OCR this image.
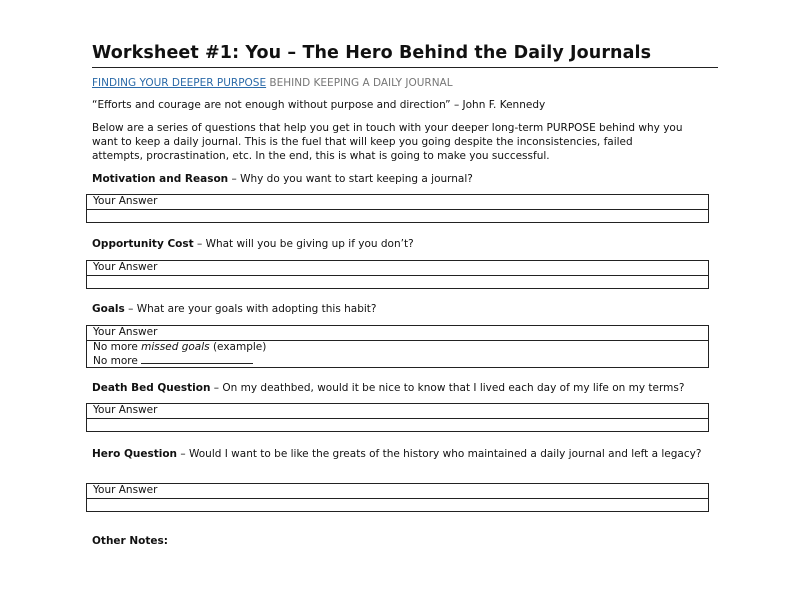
Worksheet #1: You – The Hero Behind the Daily Journals
FINDING YOUR DEEPER PURPOSE BEHIND KEEPING A DAILY JOURNAL
“Efforts and courage are not enough without purpose and direction” – John F. Kennedy
Below are a series of questions that help you get in touch with your deeper long-term PURPOSE behind why you
want to keep a daily journal. This is the fuel that will keep you going despite the inconsistencies, failed
attempts, procrastination, etc. In the end, this is what is going to make you successful.
Motivation and Reason – Why do you want to start keeping a journal?
Your Answer
Opportunity Cost – What will you be giving up if you don’t?
Your Answer
Goals – What are your goals with adopting this habit?
Your Answer
No more missed goals (example)
No more
Death Bed Question – On my deathbed, would it be nice to know that I lived each day of my life on my terms?
Your Answer
Hero Question – Would I want to be like the greats of the history who maintained a daily journal and left a legacy?
Your Answer
Other Notes:
